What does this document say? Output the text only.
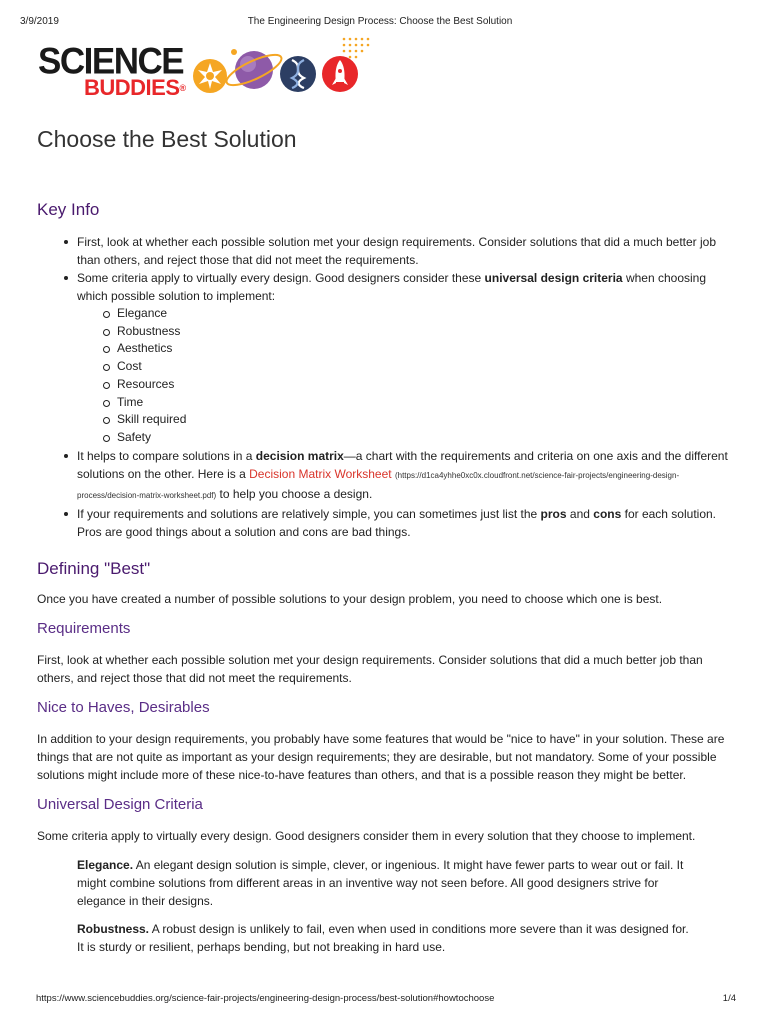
3/9/2019	The Engineering Design Process: Choose the Best Solution
SCIENCE
BUDDIES®
Choose the Best Solution
Key Info
First, look at whether each possible solution met your design requirements. Consider solutions that did a much better job than others, and reject those that did not meet the requirements.
Some criteria apply to virtually every design. Good designers consider these universal design criteria when choosing which possible solution to implement:
Elegance
Robustness
Aesthetics
Cost
Resources
Time
Skill required
Safety
It helps to compare solutions in a decision matrix—a chart with the requirements and criteria on one axis and the different solutions on the other. Here is a Decision Matrix Worksheet (https://d1ca4yhhe0xc0x.cloudfront.net/science-fair-projects/engineering-design-process/decision-matrix-worksheet.pdf) to help you choose a design.
If your requirements and solutions are relatively simple, you can sometimes just list the pros and cons for each solution. Pros are good things about a solution and cons are bad things.
Defining "Best"

Once you have created a number of possible solutions to your design problem, you need to choose which one is best.

Requirements

First, look at whether each possible solution met your design requirements. Consider solutions that did a much better job than others, and reject those that did not meet the requirements.

Nice to Haves, Desirables

In addition to your design requirements, you probably have some features that would be "nice to have" in your solution. These are things that are not quite as important as your design requirements; they are desirable, but not mandatory. Some of your possible solutions might include more of these nice-to-have features than others, and that is a possible reason they might be better.

Universal Design Criteria

Some criteria apply to virtually every design. Good designers consider them in every solution that they choose to implement.

Elegance. An elegant design solution is simple, clever, or ingenious. It might have fewer parts to wear out or fail. It might combine solutions from different areas in an inventive way not seen before. All good designers strive for elegance in their designs.

Robustness. A robust design is unlikely to fail, even when used in conditions more severe than it was designed for. It is sturdy or resilient, perhaps bending, but not breaking in hard use.

https://www.sciencebuddies.org/science-fair-projects/engineering-design-process/best-solution#howtochoose	1/4
